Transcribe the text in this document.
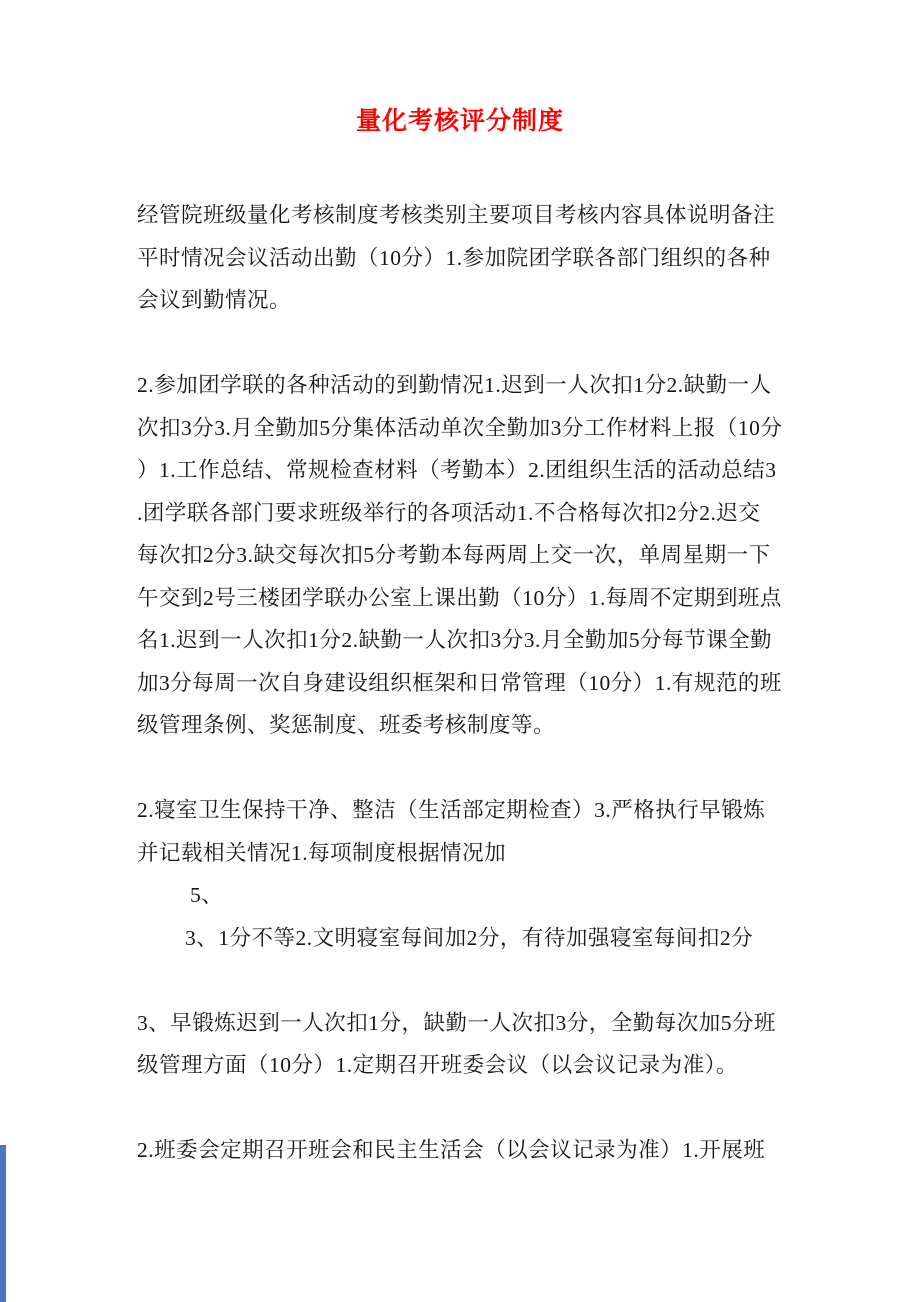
量化考核评分制度
经管院班级量化考核制度考核类别主要项目考核内容具体说明备注
平时情况会议活动出勤（10分）1.参加院团学联各部门组织的各种
会议到勤情况。
2.参加团学联的各种活动的到勤情况1.迟到一人次扣1分2.缺勤一人
次扣3分3.月全勤加5分集体活动单次全勤加3分工作材料上报（10分
）1.工作总结、常规检查材料（考勤本）2.团组织生活的活动总结3
.团学联各部门要求班级举行的各项活动1.不合格每次扣2分2.迟交
每次扣2分3.缺交每次扣5分考勤本每两周上交一次，单周星期一下
午交到2号三楼团学联办公室上课出勤（10分）1.每周不定期到班点
名1.迟到一人次扣1分2.缺勤一人次扣3分3.月全勤加5分每节课全勤
加3分每周一次自身建设组织框架和日常管理（10分）1.有规范的班
级管理条例、奖惩制度、班委考核制度等。
2.寝室卫生保持干净、整洁（生活部定期检查）3.严格执行早锻炼
并记载相关情况1.每项制度根据情况加
5、
3、1分不等2.文明寝室每间加2分，有待加强寝室每间扣2分
3、早锻炼迟到一人次扣1分，缺勤一人次扣3分，全勤每次加5分班
级管理方面（10分）1.定期召开班委会议（以会议记录为准）。
2.班委会定期召开班会和民主生活会（以会议记录为准）1.开展班
